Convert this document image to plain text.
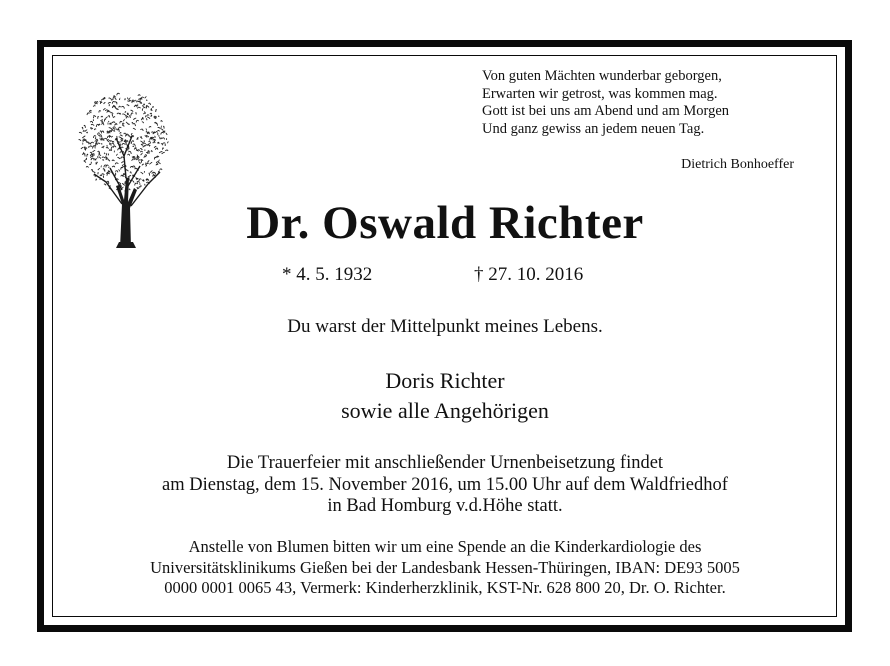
Von guten Mächten wunderbar geborgen,
Erwarten wir getrost, was kommen mag.
Gott ist bei uns am Abend und am Morgen
Und ganz gewiss an jedem neuen Tag.
Dietrich Bonhoeffer
Dr. Oswald Richter
* 4. 5. 1932	† 27. 10. 2016
Du warst der Mittelpunkt meines Lebens.
Doris Richter
sowie alle Angehörigen
Die Trauerfeier mit anschließender Urnenbeisetzung findet
am Dienstag, dem 15. November 2016, um 15.00 Uhr auf dem Waldfriedhof
in Bad Homburg v.d.Höhe statt.
Anstelle von Blumen bitten wir um eine Spende an die Kinderkardiologie des
Universitätsklinikums Gießen bei der Landesbank Hessen-Thüringen, IBAN: DE93 5005
0000 0001 0065 43, Vermerk: Kinderherzklinik, KST-Nr. 628 800 20, Dr. O. Richter.
